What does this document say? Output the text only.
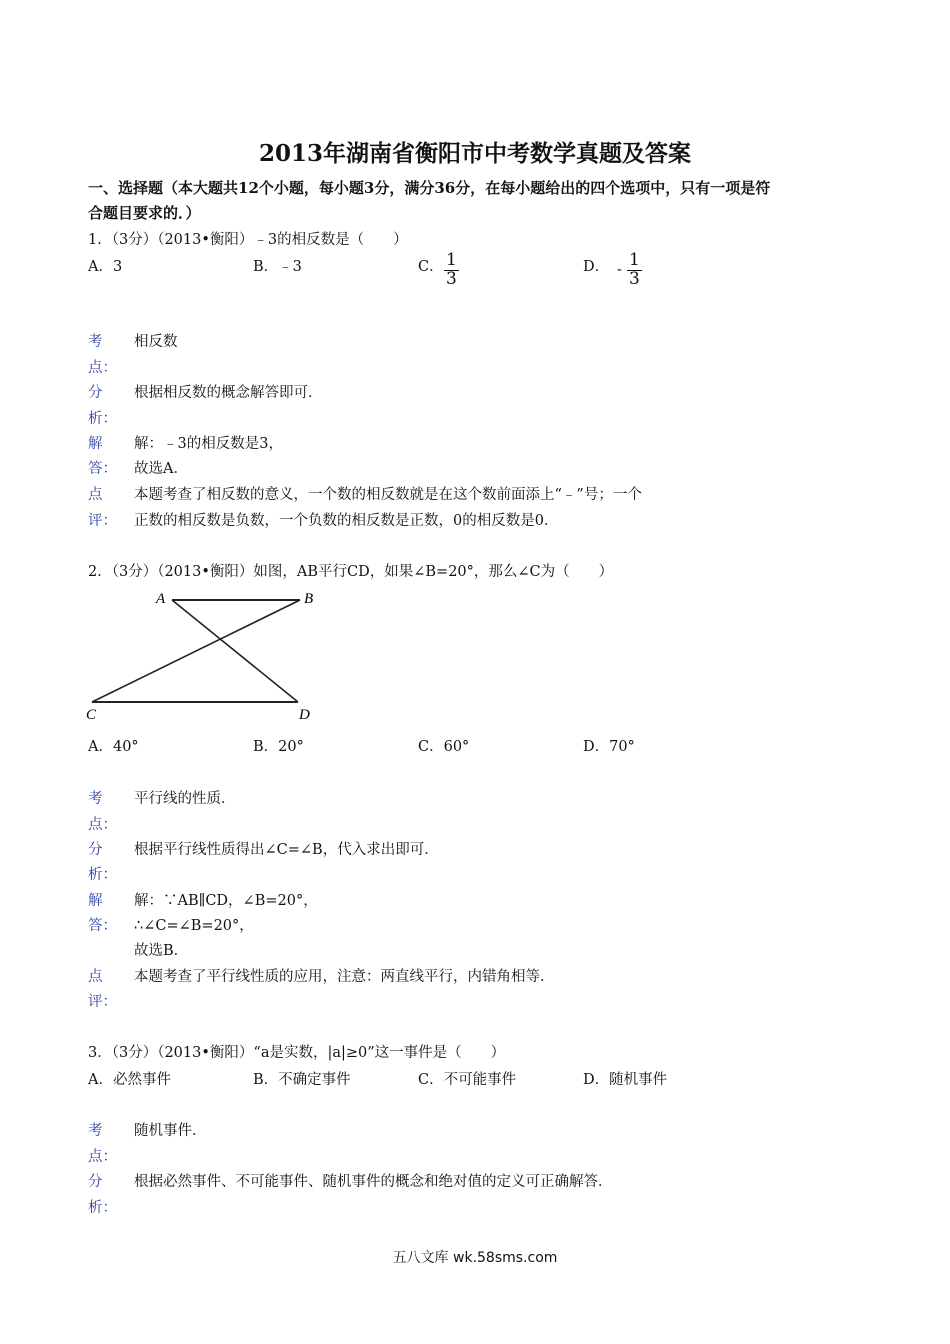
2013年湖南省衡阳市中考数学真题及答案
一、选择题（本大题共12个小题，每小题3分，满分36分，在每小题给出的四个选项中，只有一项是符
合题目要求的．）
1．（3分）（2013•衡阳）﹣3的相反数是（　　）
A．3	B．﹣3	C． $\frac{1}{3}$	D． - $\frac{1}{3}$
考
点：
相反数
分
析：
根据相反数的概念解答即可．
解
答：
解：﹣3的相反数是3，
故选A．
点
评：
本题考查了相反数的意义，一个数的相反数就是在这个数前面添上“﹣”号；一个
正数的相反数是负数，一个负数的相反数是正数，0的相反数是0．
2．（3分）（2013•衡阳）如图，AB平行CD，如果∠B=20°，那么∠C为（　　）
A	B
C	D
A．40°	B．20°	C．60°	D．70°
考
点：
平行线的性质．
分
析：
根据平行线性质得出∠C=∠B，代入求出即可．
解
答：
解：∵AB∥CD，∠B=20°，
∴∠C=∠B=20°，
故选B．
点
评：
本题考查了平行线性质的应用，注意：两直线平行，内错角相等．
3．（3分）（2013•衡阳）“a是实数，|a|≥0”这一事件是（　　）
A．必然事件	B．不确定事件	C．不可能事件	D．随机事件
考
点：
随机事件．
分
析：
根据必然事件、不可能事件、随机事件的概念和绝对值的定义可正确解答．
五八文库 wk.58sms.com
